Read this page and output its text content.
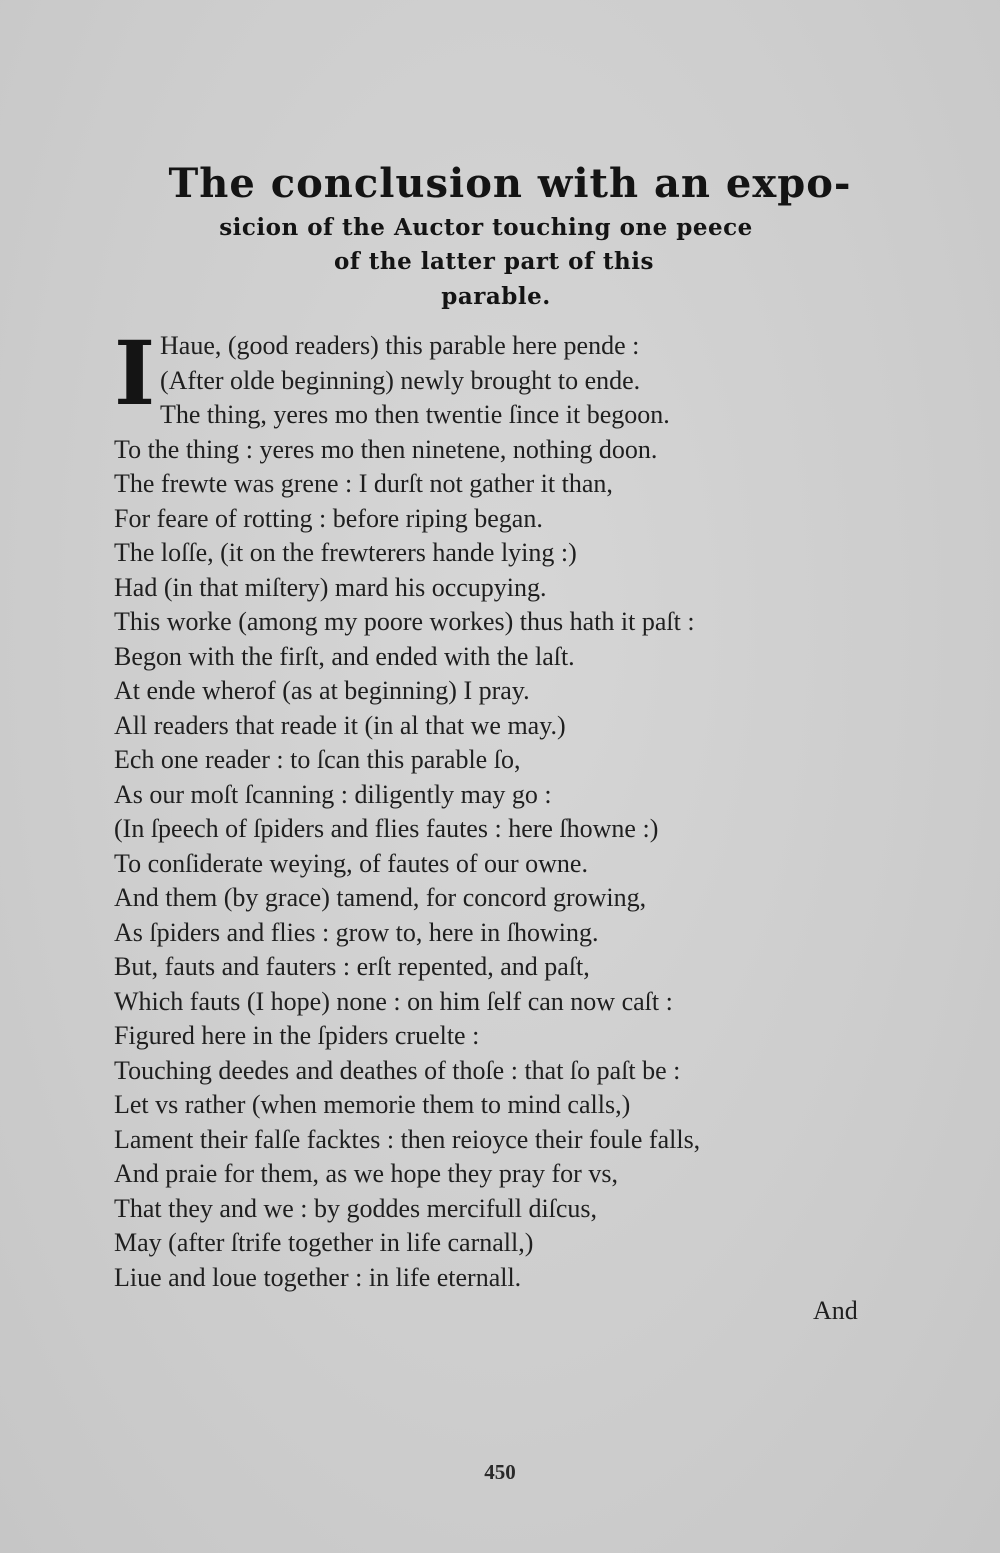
The conclusion with an expo-
sicion of the Auctor touching one peece
of the latter part of this
parable.
I Haue, (good readers) this parable here pende :

(After olde beginning) newly brought to ende.

The thing, yeres mo then twentie ſince it begoon.

To the thing : yeres mo then ninetene, nothing doon.

The frewte was grene : I durſt not gather it than,

For feare of rotting : before riping began.

The loſſe, (it on the frewterers hande lying :)

Had (in that miſtery) mard his occupying.

This worke (among my poore workes) thus hath it paſt :

Begon with the firſt, and ended with the laſt.

At ende wherof (as at beginning) I pray.

All readers that reade it (in al that we may.)

Ech one reader : to ſcan this parable ſo,

As our moſt ſcanning : diligently may go :

(In ſpeech of ſpiders and flies fautes : here ſhowne :)

To conſiderate weying, of fautes of our owne.

And them (by grace) tamend, for concord growing,

As ſpiders and flies : grow to, here in ſhowing.

But, fauts and fauters : erſt repented, and paſt,

Which fauts (I hope) none : on him ſelf can now caſt :

Figured here in the ſpiders cruelte :

Touching deedes and deathes of thoſe : that ſo paſt be :

Let vs rather (when memorie them to mind calls,)

Lament their falſe facktes : then reioyce their foule falls,

And praie for them, as we hope they pray for vs,

That they and we : by goddes mercifull diſcus,

May (after ſtrife together in life carnall,)

Liue and loue together : in life eternall.

And
450
